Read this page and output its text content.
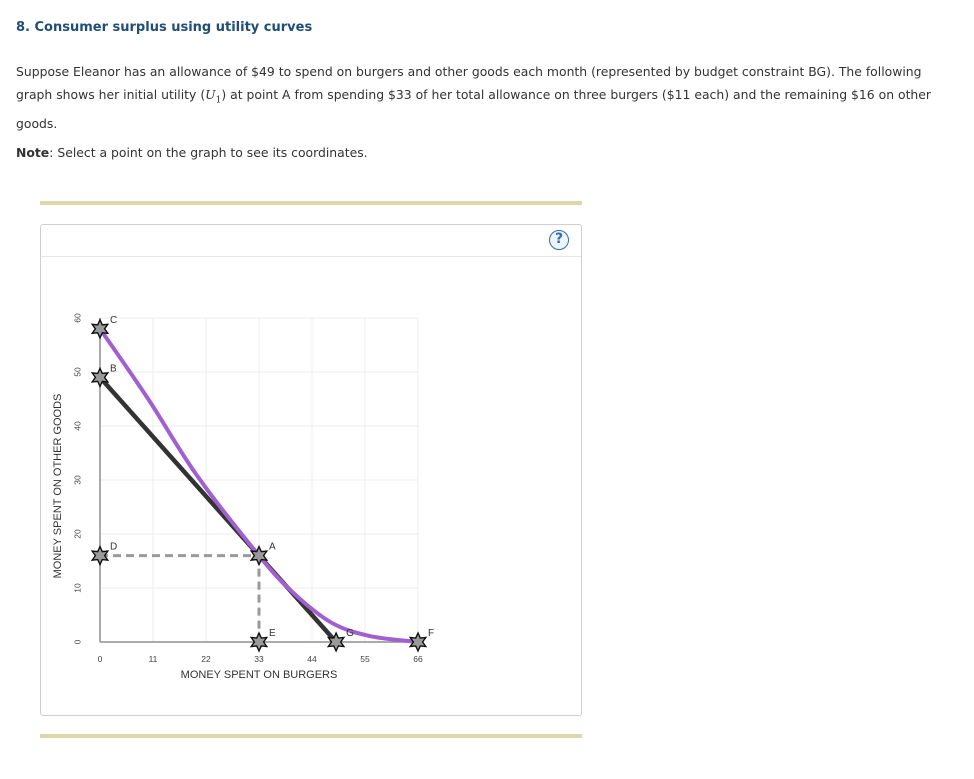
8. Consumer surplus using utility curves

Suppose Eleanor has an allowance of $49 to spend on burgers and other goods each month (represented by budget constraint BG). The following graph shows her initial utility $(U_1)$ at point A from spending $33 of her total allowance on three burgers ($11 each) and the remaining $16 on other goods.

Note: Select a point on the graph to see its coordinates.

?
0	11	22	33	44	55	66
0
10
20
30
40
50
60	C
B
D	A
E	G	F
MONEY SPENT ON BURGERS
MONEY SPENT ON OTHER GOODS
